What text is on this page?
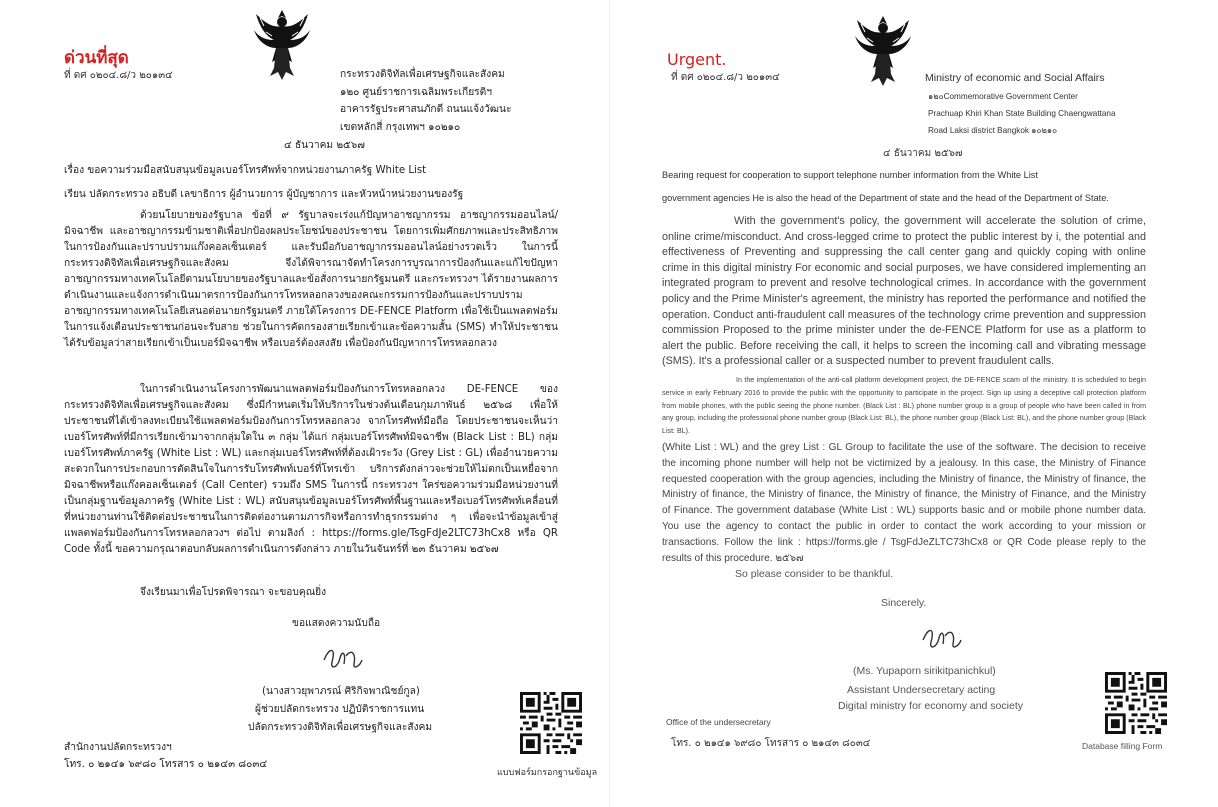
ด่วนที่สุด
ที่ ดศ ๐๒๐๔.๘/ว ๒๐๑๓๔	กระทรวงดิจิทัลเพื่อเศรษฐกิจและสังคม
๑๒๐ ศูนย์ราชการเฉลิมพระเกียรติฯ
อาคารรัฐประศาสนภักดี ถนนแจ้งวัฒนะ
เขตหลักสี่ กรุงเทพฯ ๑๐๒๑๐
๔ ธันวาคม ๒๕๖๗
เรื่อง ขอความร่วมมือสนับสนุนข้อมูลเบอร์โทรศัพท์จากหน่วยงานภาครัฐ White List
เรียน ปลัดกระทรวง อธิบดี เลขาธิการ ผู้อำนวยการ ผู้บัญชาการ และหัวหน้าหน่วยงานของรัฐ
ด้วยนโยบายของรัฐบาล ข้อที่ ๙ รัฐบาลจะเร่งแก้ปัญหาอาชญากรรม อาชญากรรมออนไลน์/มิจฉาชีพ และอาชญากรรมข้ามชาติเพื่อปกป้องผลประโยชน์ของประชาชน โดยการเพิ่มศักยภาพและประสิทธิภาพในการป้องกันและปราบปรามแก๊งคอลเซ็นเตอร์ และรับมือกับอาชญากรรมออนไลน์อย่างรวดเร็ว ในการนี้ กระทรวงดิจิทัลเพื่อเศรษฐกิจและสังคม จึงได้พิจารณาจัดทำโครงการบูรณาการป้องกันและแก้ไขปัญหาอาชญากรรมทางเทคโนโลยีตามนโยบายของรัฐบาลและข้อสั่งการนายกรัฐมนตรี และกระทรวงฯ ได้รายงานผลการดำเนินงานและแจ้งการดำเนินมาตรการป้องกันการโทรหลอกลวงของคณะกรรมการป้องกันและปราบปรามอาชญากรรมทางเทคโนโลยีเสนอต่อนายกรัฐมนตรี ภายใต้โครงการ DE-FENCE Platform เพื่อใช้เป็นแพลตฟอร์มในการแจ้งเตือนประชาชนก่อนจะรับสาย ช่วยในการคัดกรองสายเรียกเข้าและข้อความสั้น (SMS) ทำให้ประชาชนได้รับข้อมูลว่าสายเรียกเข้าเป็นเบอร์มิจฉาชีพ หรือเบอร์ต้องสงสัย เพื่อป้องกันปัญหาการโทรหลอกลวง
ในการดำเนินงานโครงการพัฒนาแพลตฟอร์มป้องกันการโทรหลอกลวง DE-FENCE ของกระทรวงดิจิทัลเพื่อเศรษฐกิจและสังคม ซึ่งมีกำหนดเริ่มให้บริการในช่วงต้นเดือนกุมภาพันธ์ ๒๕๖๘ เพื่อให้ประชาชนที่ได้เข้าลงทะเบียนใช้แพลตฟอร์มป้องกันการโทรหลอกลวง จากโทรศัพท์มือถือ โดยประชาชนจะเห็นว่าเบอร์โทรศัพท์ที่มีการเรียกเข้ามาจากกลุ่มใดใน ๓ กลุ่ม ได้แก่ กลุ่มเบอร์โทรศัพท์มิจฉาชีพ (Black List : BL) กลุ่มเบอร์โทรศัพท์ภาครัฐ (White List : WL) และกลุ่มเบอร์โทรศัพท์ที่ต้องเฝ้าระวัง (Grey List : GL) เพื่ออำนวยความสะดวกในการประกอบการตัดสินใจในการรับโทรศัพท์เบอร์ที่โทรเข้า บริการดังกล่าวจะช่วยให้ไม่ตกเป็นเหยื่อจากมิจฉาชีพหรือแก๊งคอลเซ็นเตอร์ (Call Center) รวมถึง SMS ในการนี้ กระทรวงฯ ใคร่ขอความร่วมมือหน่วยงานที่เป็นกลุ่มฐานข้อมูลภาครัฐ (White List : WL) สนับสนุนข้อมูลเบอร์โทรศัพท์พื้นฐานและหรือเบอร์โทรศัพท์เคลื่อนที่ที่หน่วยงานท่านใช้ติดต่อประชาชนในการติดต่องานตามภารกิจหรือการทำธุรกรรมต่าง ๆ เพื่อจะนำข้อมูลเข้าสู่แพลตฟอร์มป้องกันการโทรหลอกลวงฯ ต่อไป ตามลิงก์ : https://forms.gle/TsgFdJe2LTC73hCx8 หรือ QR Code ทั้งนี้ ขอความกรุณาตอบกลับผลการดำเนินการดังกล่าว ภายในวันจันทร์ที่ ๒๓ ธันวาคม ๒๕๖๗
จึงเรียนมาเพื่อโปรดพิจารณา จะขอบคุณยิ่ง
ขอแสดงความนับถือ
(นางสาวยุพาภรณ์ ศิริกิจพาณิชย์กูล)
ผู้ช่วยปลัดกระทรวง ปฏิบัติราชการแทน
ปลัดกระทรวงดิจิทัลเพื่อเศรษฐกิจและสังคม
สำนักงานปลัดกระทรวงฯ
โทร. ๐ ๒๑๔๑ ๖๙๘๐ โทรสาร ๐ ๒๑๔๓ ๘๐๓๔
แบบฟอร์มกรอกฐานข้อมูล
Urgent.
ที่ ดศ ๐๒๐๔.๘/ว ๒๐๑๓๔	Ministry of economic and Social Affairs
๑๒๐Commemorative Government Center
Prachuap Khiri Khan State Building Chaengwattana
Road Laksi district Bangkok ๑๐๒๑๐
๔ ธันวาคม ๒๕๖๗
Bearing request for cooperation to support telephone number information from the White List
government agencies He is also the head of the Department of state and the head of the Department of State.
With the government's policy, the government will accelerate the solution of crime, online crime/misconduct. And cross-legged crime to protect the public interest by i, the potential and effectiveness of Preventing and suppressing the call center gang and quickly coping with online crime in this digital ministry For economic and social purposes, we have considered implementing an integrated program to prevent and resolve technological crimes. In accordance with the government policy and the Prime Minister's agreement, the ministry has reported the performance and notified the operation. Conduct anti-fraudulent call measures of the technology crime prevention and suppression commission Proposed to the prime minister under the de-FENCE Platform for use as a platform to alert the public. Before receiving the call, it helps to screen the incoming call and vibrating message (SMS). It's a professional caller or a suspected number to prevent fraudulent calls.
In the implementation of the anti-call platform development project, the DE-FENCE scam of the ministry. It is scheduled to begin service in early February 2016 to provide the public with the opportunity to participate in the project. Sign up using a deceptive call protection platform from mobile phones, with the public seeing the phone number. (Black List : BL) phone number group is a group of people who have been called in from any group, including the professional phone number group (Black List: BL), the phone number group (Black List: BL), and the phone number group (Black List: BL).
(White List : WL) and the grey List : GL Group to facilitate the use of the software. The decision to receive the incoming phone number will help not be victimized by a jealousy. In this case, the Ministry of Finance requested cooperation with the group agencies, including the Ministry of finance, the Ministry of finance, the Ministry of finance, the Ministry of finance, the Ministry of finance, the Ministry of Finance, and the Ministry of Finance. The government database (White List : WL) supports basic and or mobile phone number data. You use the agency to contact the public in order to contact the work according to your mission or transactions. Follow the link : https://forms.gle / TsgFdJeZLTC73hCx8 or QR Code please reply to the results of this procedure. ๒๕๖๗
So please consider to be thankful.
Sincerely.
(Ms. Yupaporn sirikitpanichkul)
Assistant Undersecretary acting
Digital ministry for economy and society
Office of the undersecretary
โทร. ๐ ๒๑๔๑ ๖๙๘๐ โทรสาร ๐ ๒๑๔๓ ๘๐๓๔	Database filling Form
